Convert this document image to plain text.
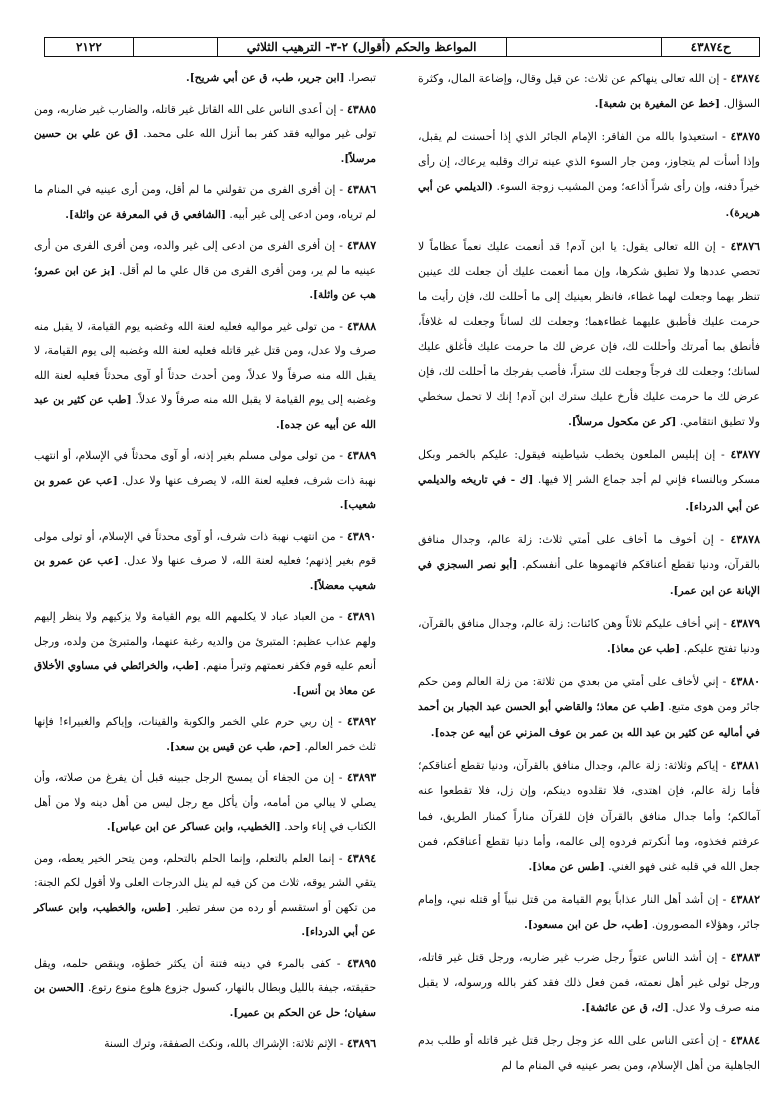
ح٤٣٨٧٤
المواعظ والحكم (أقوال) ٢-٣- الترهيب الثلاثي
٢١٢٢

٤٣٨٧٤ - إن الله تعالى ينهاكم عن ثلاث: عن قيل وقال، وإضاعة المال، وكثرة السؤال. [خط عن المغيرة بن شعبة].

٤٣٨٧٥ - استعيذوا بالله من الفاقر: الإمام الجائر الذي إذا أحسنت لم يقبل، وإذا أسأت لم يتجاوز، ومن جار السوء الذي عينه تراك وقلبه يرعاك، إن رأى خيراً دفنه، وإن رأى شراً أذاعه؛ ومن المشيب زوجة السوء. (الديلمي عن أبي هريرة).

٤٣٨٧٦ - إن الله تعالى يقول: يا ابن آدم! قد أنعمت عليك نعماً عظاماً لا تحصي عددها ولا تطيق شكرها، وإن مما أنعمت عليك أن جعلت لك عينين تنظر بهما وجعلت لهما غطاء، فانظر بعينيك إلى ما أحللت لك، فإن رأيت ما حرمت عليك فأطبق عليهما غطاءهما؛ وجعلت لك لساناً وجعلت له غلافاً، فأنطق بما أمرتك وأحللت لك، فإن عرض لك ما حرمت عليك فأغلق عليك لسانك؛ وجعلت لك فرجاً وجعلت لك ستراً، فأصب بفرجك ما أحللت لك، فإن عرض لك ما حرمت عليك فأرخ عليك سترك ابن آدم! إنك لا تحمل سخطي ولا تطيق انتقامي. [كر عن مكحول مرسلاً].

٤٣٨٧٧ - إن إبليس الملعون يخطب شياطينه فيقول: عليكم بالخمر وبكل مسكر وبالنساء فإني لم أجد جماع الشر إلا فيها. [ك - في تاريخه والديلمي عن أبي الدرداء].

٤٣٨٧٨ - إن أخوف ما أخاف على أمتي ثلاث: زلة عالم، وجدال منافق بالقرآن، ودنيا تقطع أعناقكم فاتهموها على أنفسكم. [أبو نصر السجزي في الإبانة عن ابن عمر].

٤٣٨٧٩ - إني أخاف عليكم ثلاثاً وهن كائنات: زلة عالم، وجدال منافق بالقرآن، ودنيا تفتح عليكم. [طب عن معاذ].

٤٣٨٨٠ - إني لأخاف على أمتي من بعدي من ثلاثة: من زلة العالم ومن حكم جائر ومن هوى متبع. [طب عن معاذ؛ والقاضي أبو الحسن عبد الجبار بن أحمد في أماليه عن كثير بن عبد الله بن عمر بن عوف المزني عن أبيه عن جده].

٤٣٨٨١ - إياكم وثلاثة: زلة عالم، وجدال منافق بالقرآن، ودنيا تقطع أعناقكم؛ فأما زلة عالم، فإن اهتدى، فلا تقلدوه دينكم، وإن زل، فلا تقطعوا عنه آمالكم؛ وأما جدال منافق بالقرآن فإن للقرآن مناراً كمنار الطريق، فما عرفتم فخذوه، وما أنكرتم فردوه إلى عالمه، وأما دنيا تقطع أعناقكم، فمن جعل الله في قلبه غنى فهو الغني. [طس عن معاذ].

٤٣٨٨٢ - إن أشد أهل النار عذاباً يوم القيامة من قتل نبياً أو قتله نبي، وإمام جائر، وهؤلاء المصورون. [طب، حل عن ابن مسعود].

٤٣٨٨٣ - إن أشد الناس عتواً رجل ضرب غير ضاربه، ورجل قتل غير قاتله، ورجل تولى غير أهل نعمته، فمن فعل ذلك فقد كفر بالله ورسوله، لا يقبل منه صرف ولا عدل. [ك، ق عن عائشة].

٤٣٨٨٤ - إن أعتى الناس على الله عز وجل رجل قتل غير قاتله أو طلب بدم الجاهلية من أهل الإسلام، ومن بصر عينيه في المنام ما لم

تبصرا. [ابن جرير، طب، ق عن أبي شريح].

٤٣٨٨٥ - إن أعدى الناس على الله القاتل غير قاتله، والضارب غير ضاربه، ومن تولى غير مواليه فقد كفر بما أنزل الله على محمد. [ق عن علي بن حسين مرسلاً].

٤٣٨٨٦ - إن أفرى الفرى من تقولني ما لم أقل، ومن أرى عينيه في المنام ما لم ترياه، ومن ادعى إلى غير أبيه. [الشافعي ق في المعرفة عن واثلة].

٤٣٨٨٧ - إن أفرى الفرى من ادعى إلى غير والده، ومن أفرى الفرى من أرى عينيه ما لم ير، ومن أفرى الفرى من قال علي ما لم أقل. [بز عن ابن عمرو؛ هب عن واثلة].

٤٣٨٨٨ - من تولى غير مواليه فعليه لعنة الله وغضبه يوم القيامة، لا يقبل منه صرف ولا عدل، ومن قتل غير قاتله فعليه لعنة الله وغضبه إلى يوم القيامة، لا يقبل الله منه صرفاً ولا عدلاً، ومن أحدث حدثاً أو آوى محدثاً فعليه لعنة الله وغضبه إلى يوم القيامة لا يقبل الله منه صرفاً ولا عدلاً. [طب عن كثير بن عبد الله عن أبيه عن جده].

٤٣٨٨٩ - من تولى مولى مسلم بغير إذنه، أو آوى محدثاً في الإسلام، أو انتهب نهبة ذات شرف، فعليه لعنة الله، لا يصرف عنها ولا عدل. [عب عن عمرو بن شعيب].

٤٣٨٩٠ - من انتهب نهبة ذات شرف، أو آوى محدثاً في الإسلام، أو تولى مولى قوم بغير إذنهم؛ فعليه لعنة الله، لا صرف عنها ولا عدل. [عب عن عمرو بن شعيب معضلاً].

٤٣٨٩١ - من العباد عباد لا يكلمهم الله يوم القيامة ولا يزكيهم ولا ينظر إليهم ولهم عذاب عظيم: المتبرئ من والديه رغبة عنهما، والمتبرئ من ولده، ورجل أنعم عليه قوم فكفر نعمتهم وتبرأ منهم. [طب، والخرائطي في مساوي الأخلاق عن معاذ بن أنس].

٤٣٨٩٢ - إن ربي حرم علي الخمر والكوبة والقينات، وإياكم والغبيراء! فإنها ثلث خمر العالم. [حم، طب عن قيس بن سعد].

٤٣٨٩٣ - إن من الجفاء أن يمسح الرجل جبينه قبل أن يفرغ من صلاته، وأن يصلي لا يبالي من أمامه، وأن يأكل مع رجل ليس من أهل دينه ولا من أهل الكتاب في إناء واحد. [الخطيب، وابن عساكر عن ابن عباس].

٤٣٨٩٤ - إنما العلم بالتعلم، وإنما الحلم بالتحلم، ومن يتحر الخير يعطه، ومن يتقي الشر يوقه، ثلاث من كن فيه لم ينل الدرجات العلى ولا أقول لكم الجنة: من تكهن أو استقسم أو رده من سفر تطير. [طس، والخطيب، وابن عساكر عن أبي الدرداء].

٤٣٨٩٥ - كفى بالمرء في دينه فتنة أن يكثر خطؤه، وينقص حلمه، ويقل حقيقته، جيفة بالليل وبطال بالنهار، كسول جزوع هلوع منوع رتوع. [الحسن بن سفيان؛ حل عن الحكم بن عمير].

٤٣٨٩٦ - الإثم ثلاثة: الإشراك بالله، ونكث الصفقة، وترك السنة
